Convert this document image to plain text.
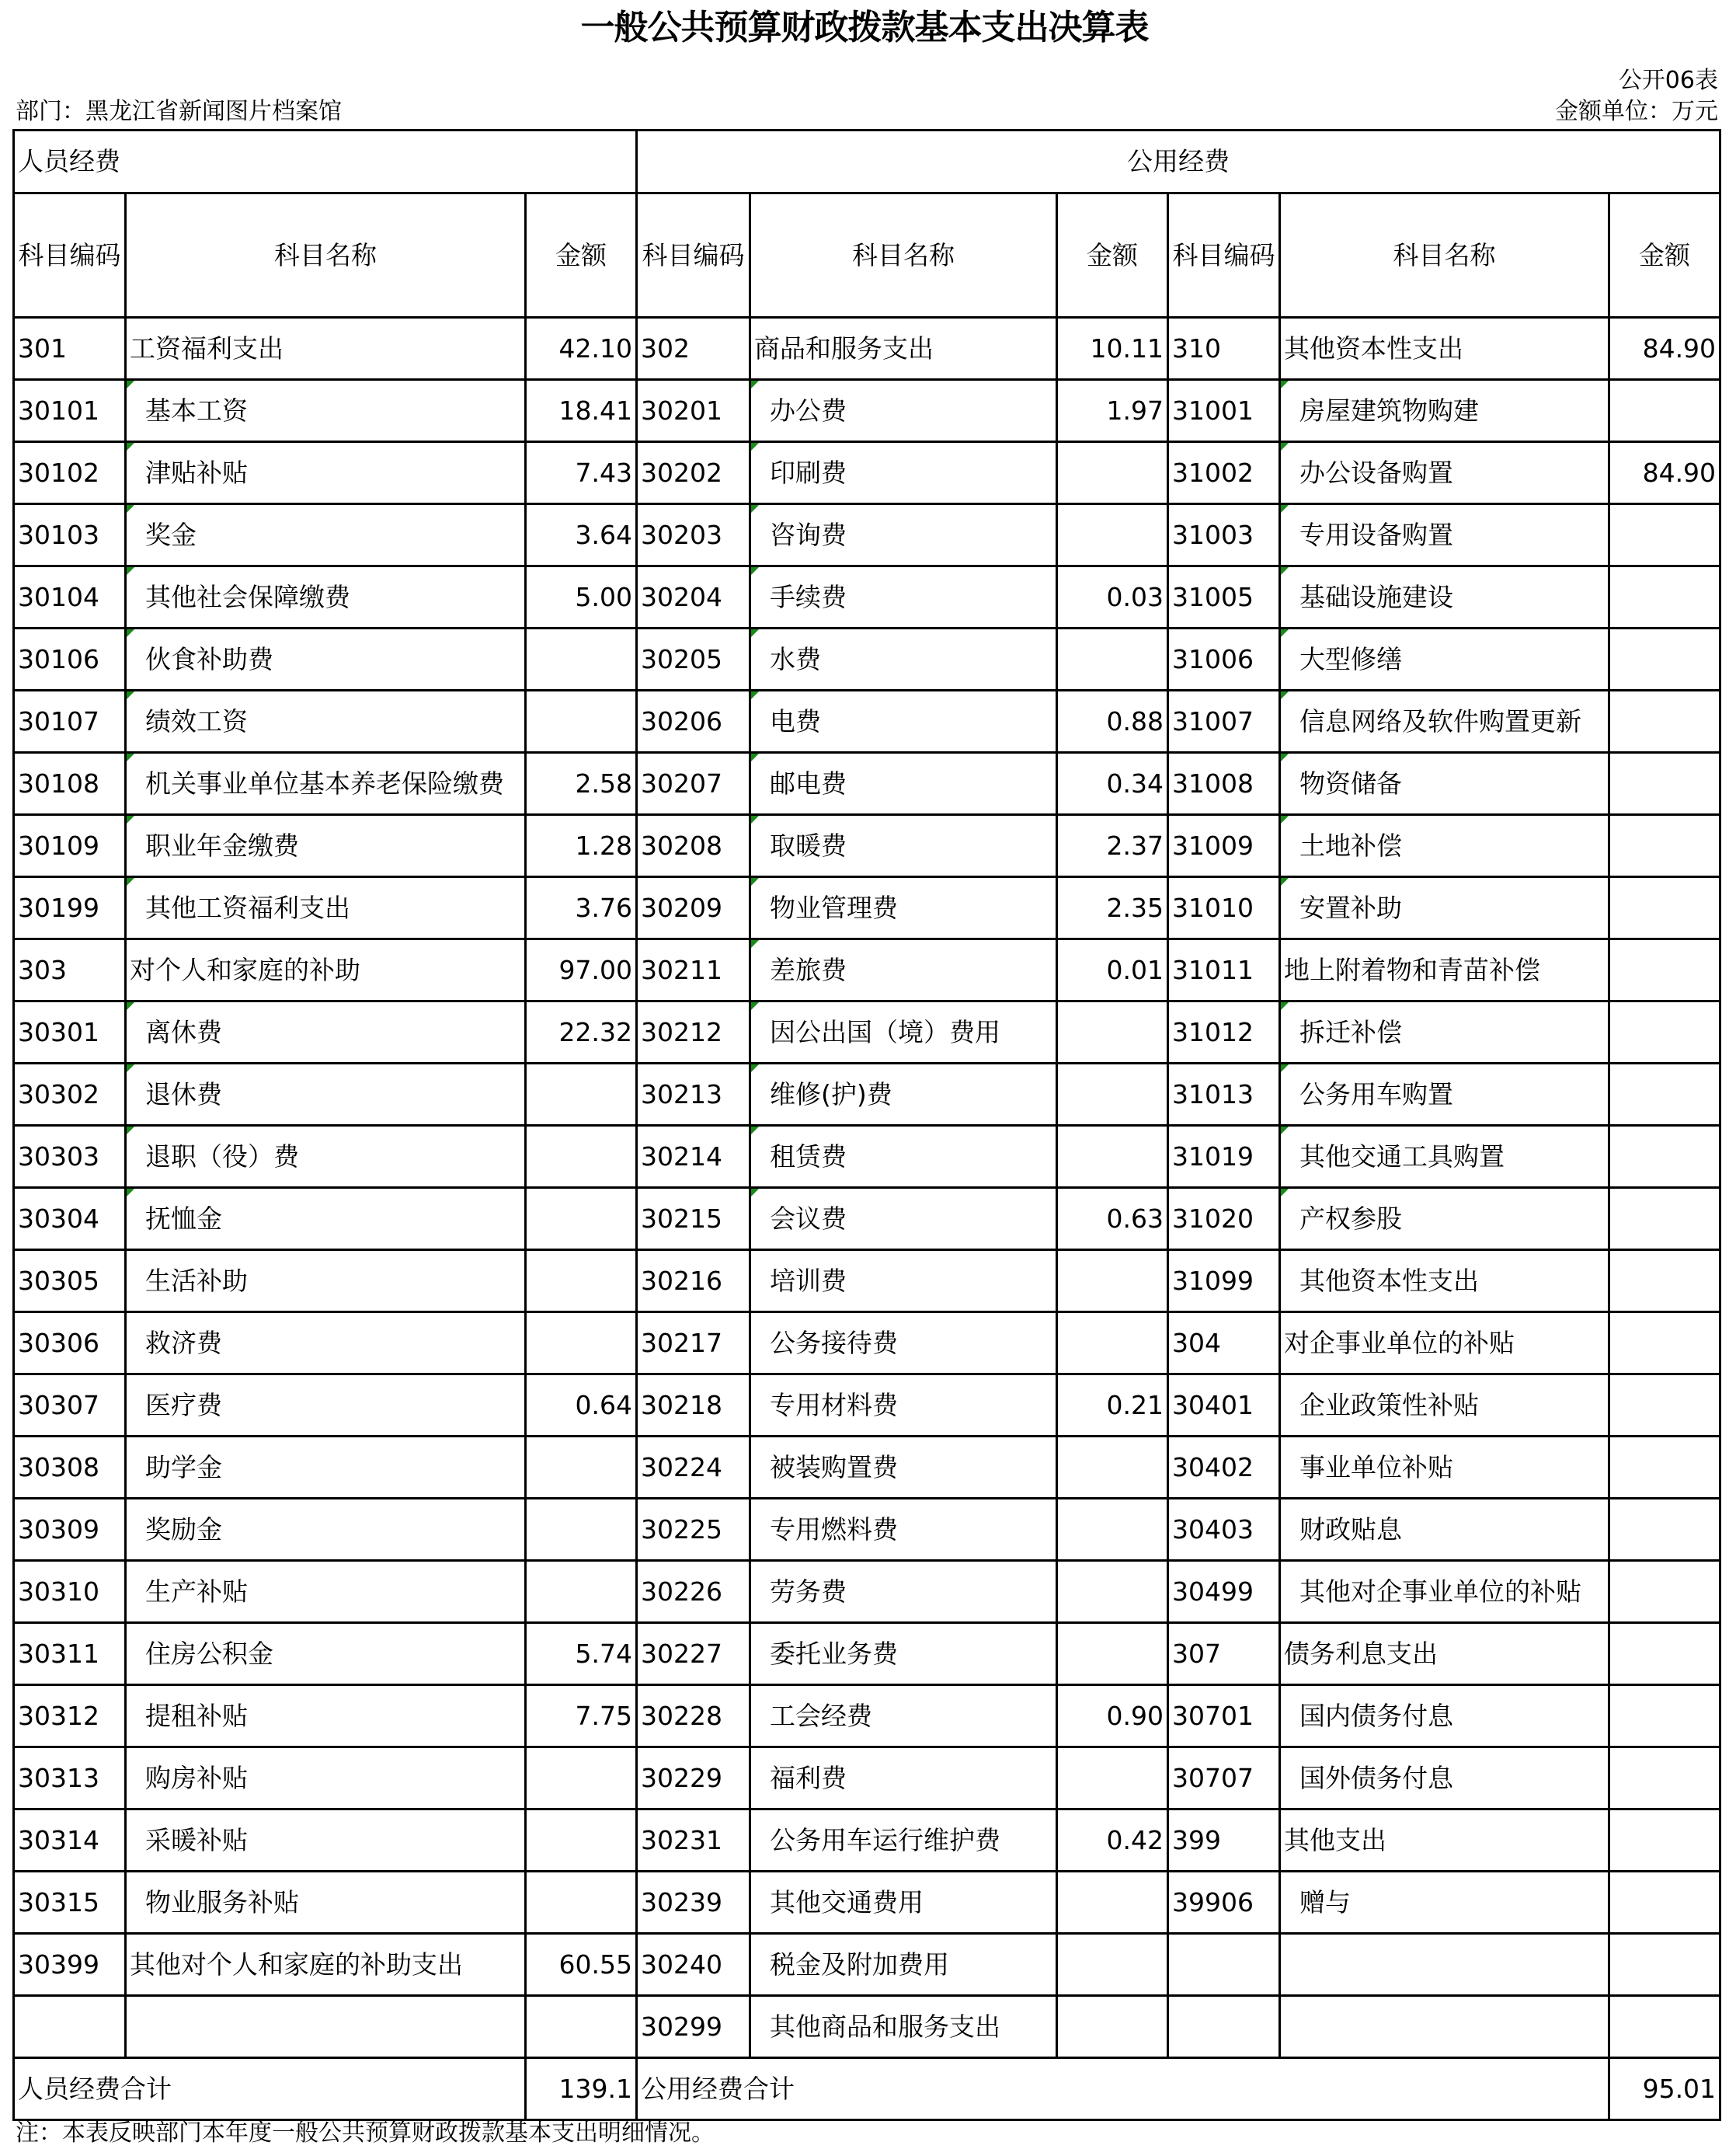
一般公共预算财政拨款基本支出决算表
公开06表
部门：黑龙江省新闻图片档案馆	金额单位：万元
人员经费			公用经费					
科目编码	科目名称	金额	科目编码	科目名称	金额	科目编码	科目名称	金额
301	工资福利支出	42.10	302	商品和服务支出	10.11	310	其他资本性支出	84.90
30101	基本工资	18.41	30201	办公费	1.97	31001	房屋建筑物购建	
30102	津贴补贴	7.43	30202	印刷费		31002	办公设备购置	84.90
30103	奖金	3.64	30203	咨询费		31003	专用设备购置	
30104	其他社会保障缴费	5.00	30204	手续费	0.03	31005	基础设施建设	
30106	伙食补助费		30205	水费		31006	大型修缮	
30107	绩效工资		30206	电费	0.88	31007	信息网络及软件购置更新	
30108	机关事业单位基本养老保险缴费	2.58	30207	邮电费	0.34	31008	物资储备	
30109	职业年金缴费	1.28	30208	取暖费	2.37	31009	土地补偿	
30199	其他工资福利支出	3.76	30209	物业管理费	2.35	31010	安置补助	
303	对个人和家庭的补助	97.00	30211	差旅费	0.01	31011	地上附着物和青苗补偿	
30301	离休费	22.32	30212	因公出国（境）费用		31012	拆迁补偿	
30302	退休费		30213	维修(护)费		31013	公务用车购置	
30303	退职（役）费		30214	租赁费		31019	其他交通工具购置	
30304	抚恤金		30215	会议费	0.63	31020	产权参股	
30305	生活补助		30216	培训费		31099	其他资本性支出	
30306	救济费		30217	公务接待费		304	对企事业单位的补贴	
30307	医疗费	0.64	30218	专用材料费	0.21	30401	企业政策性补贴	
30308	助学金		30224	被装购置费		30402	事业单位补贴	
30309	奖励金		30225	专用燃料费		30403	财政贴息	
30310	生产补贴		30226	劳务费		30499	其他对企事业单位的补贴	
30311	住房公积金	5.74	30227	委托业务费		307	债务利息支出	
30312	提租补贴	7.75	30228	工会经费	0.90	30701	国内债务付息	
30313	购房补贴		30229	福利费		30707	国外债务付息	
30314	采暖补贴		30231	公务用车运行维护费	0.42	399	其他支出	
30315	物业服务补贴		30239	其他交通费用		39906	赠与	
30399	其他对个人和家庭的补助支出	60.55	30240	税金及附加费用				
			30299	其他商品和服务支出				
人员经费合计		139.1	公用经费合计					95.01
注：本表反映部门本年度一般公共预算财政拨款基本支出明细情况。
